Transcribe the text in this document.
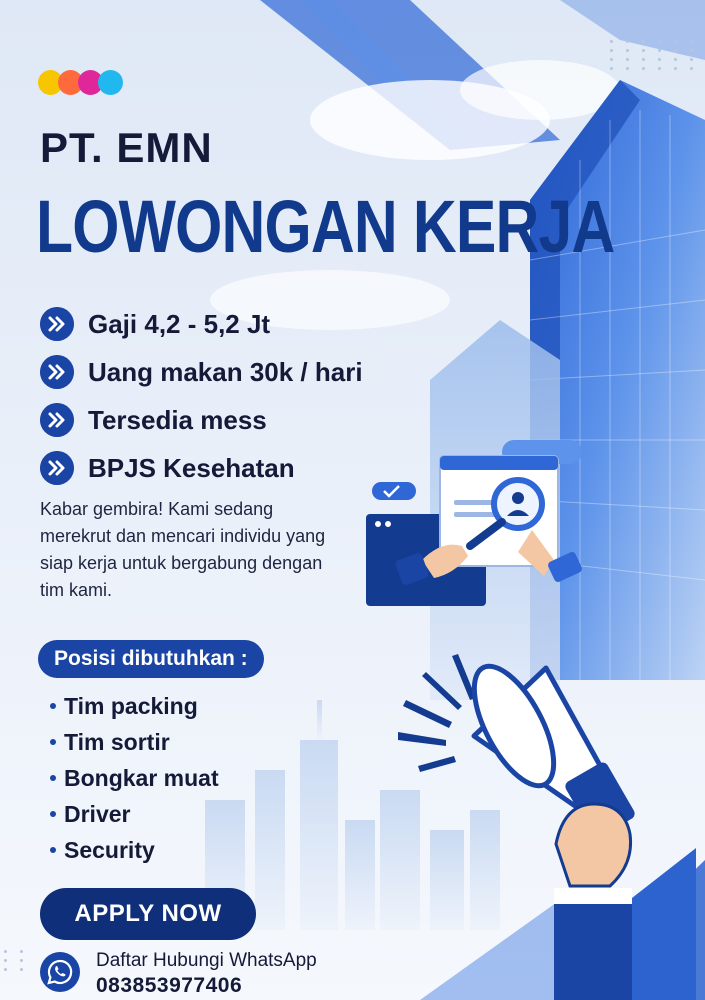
PT. EMN
LOWONGAN KERJA
Gaji 4,2 - 5,2 Jt
Uang makan 30k / hari
Tersedia mess
BPJS Kesehatan

Kabar gembira! Kami sedang merekrut dan mencari individu yang siap kerja untuk bergabung dengan tim kami.

Posisi dibutuhkan :
Tim packing
Tim sortir
Bongkar muat
Driver
Security
APPLY NOW
Daftar Hubungi WhatsApp
083853977406
